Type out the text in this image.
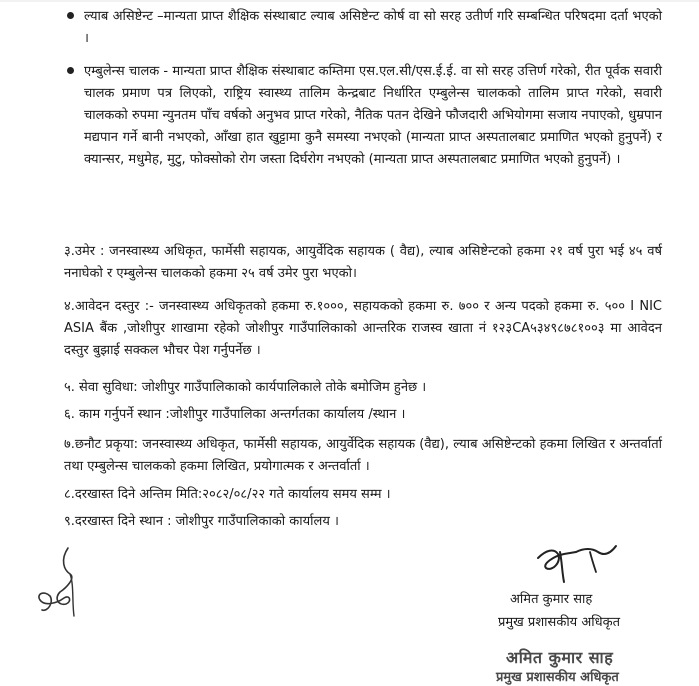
ल्याब असिष्टेन्ट –मान्यता प्राप्त शैक्षिक संस्थाबाट ल्याब असिष्टेन्ट कोर्ष वा सो सरह उतीर्ण गरि सम्बन्धित परिषदमा दर्ता भएको ।
एम्बुलेन्स चालक - मान्यता प्राप्त शैक्षिक संस्थाबाट कम्तिमा एस.एल.सी/एस.ई.ई. वा सो सरह उत्तिर्ण गरेको, रीत पूर्वक सवारी चालक प्रमाण पत्र लिएको, राष्ट्रिय स्वास्थ्य तालिम केन्द्रबाट निर्धारित एम्बुलेन्स चालकको तालिम प्राप्त गरेको, सवारी चालकको रुपमा न्युनतम पाँच वर्षको अनुभव प्राप्त गरेको, नैतिक पतन देखिने फौजदारी अभियोगमा सजाय नपाएको, धुम्रपान मद्यपान गर्ने बानी नभएको, आँखा हात खुट्टामा कुनै समस्या नभएको (मान्यता प्राप्त अस्पतालबाट प्रमाणित भएको हुनुपर्ने) र क्यान्सर, मधुमेह, मुटु, फोक्सोको रोग जस्ता दिर्घरोग नभएको (मान्यता प्राप्त अस्पतालबाट प्रमाणित भएको हुनुपर्ने) ।
३.उमेर : जनस्वास्थ्य अधिकृत, फार्मेसी सहायक, आयुर्वेदिक सहायक ( वैद्य), ल्याब असिष्टेन्टको हकमा २१ वर्ष पुरा भई ४५ वर्ष ननाघेको र एम्बुलेन्स चालकको हकमा २५ वर्ष उमेर पुरा भएको।
४.आवेदन दस्तुर :- जनस्वास्थ्य अधिकृतको हकमा रु.१०००, सहायकको हकमा रु. ७०० र अन्य पदको हकमा रु. ५०० I NIC ASIA बैंक ,जोशीपुर शाखामा रहेको जोशीपुर गाउँपालिकाको आन्तरिक राजस्व खाता नं १२३CA५३४९८७८१००३ मा आवेदन दस्तुर बुझाई सक्कल भौचर पेश गर्नुपर्नेछ ।
५. सेवा सुविधा: जोशीपुर गाउँपालिकाको कार्यपालिकाले तोके बमोजिम हुनेछ ।
६. काम गर्नुपर्ने स्थान :जोशीपुर गाउँपालिका अन्तर्गतका कार्यालय /स्थान ।
७.छनौट प्रकृया: जनस्वास्थ्य अधिकृत, फार्मेसी सहायक, आयुर्वेदिक सहायक (वैद्य), ल्याब असिष्टेन्टको हकमा लिखित र अन्तर्वार्ता तथा एम्बुलेन्स चालकको हकमा लिखित, प्रयोगात्मक र अन्तर्वार्ता ।
८.दरखास्त दिने अन्तिम मिति:२०८२/०८/२२ गते कार्यालय समय सम्म ।
९.दरखास्त दिने स्थान : जोशीपुर गाउँपालिकाको कार्यालय ।
अमित कुमार साह
प्रमुख प्रशासकीय अधिकृत
अमित कुमार साह
प्रमुख प्रशासकीय अधिकृत
